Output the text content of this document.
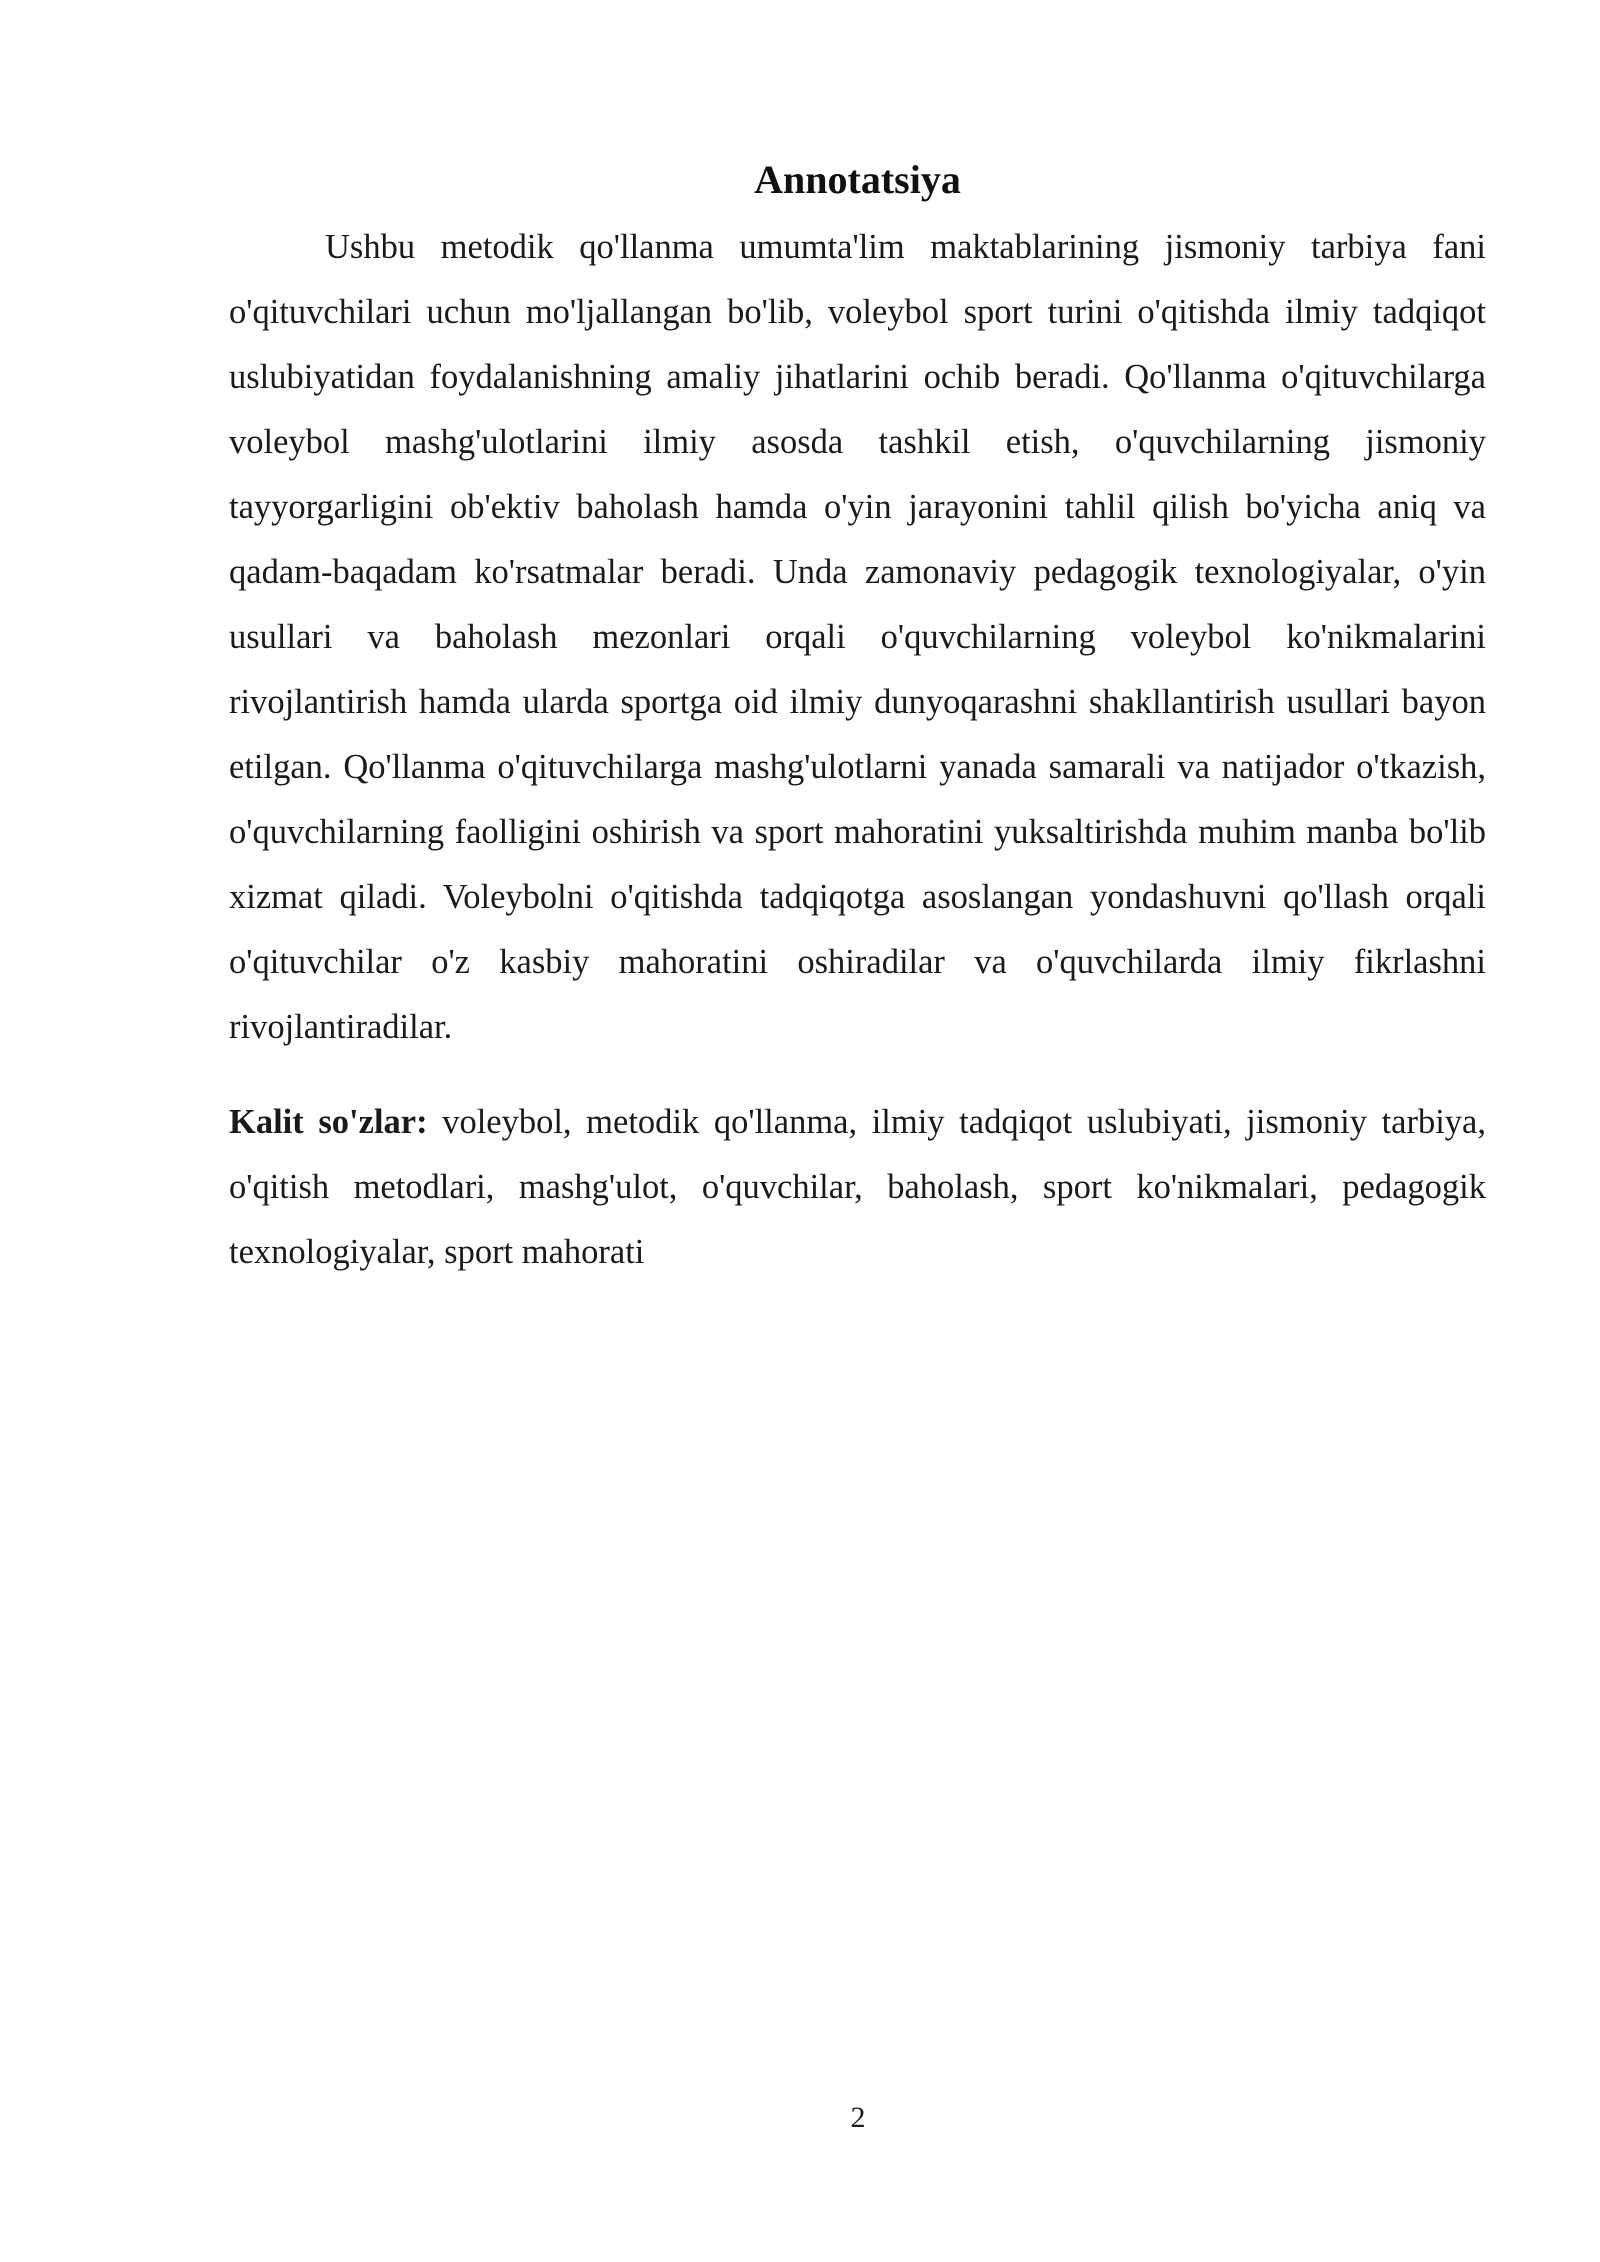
Annotatsiya

Ushbu metodik qo'llanma umumta'lim maktablarining jismoniy tarbiya fani o'qituvchilari uchun mo'ljallangan bo'lib, voleybol sport turini o'qitishda ilmiy tadqiqot uslubiyatidan foydalanishning amaliy jihatlarini ochib beradi. Qo'llanma o'qituvchilarga voleybol mashg'ulotlarini ilmiy asosda tashkil etish, o'quvchilarning jismoniy tayyorgarligini ob'ektiv baholash hamda o'yin jarayonini tahlil qilish bo'yicha aniq va qadam-baqadam ko'rsatmalar beradi. Unda zamonaviy pedagogik texnologiyalar, o'yin usullari va baholash mezonlari orqali o'quvchilarning voleybol ko'nikmalarini rivojlantirish hamda ularda sportga oid ilmiy dunyoqarashni shakllantirish usullari bayon etilgan. Qo'llanma o'qituvchilarga mashg'ulotlarni yanada samarali va natijador o'tkazish, o'quvchilarning faolligini oshirish va sport mahoratini yuksaltirishda muhim manba bo'lib xizmat qiladi. Voleybolni o'qitishda tadqiqotga asoslangan yondashuvni qo'llash orqali o'qituvchilar o'z kasbiy mahoratini oshiradilar va o'quvchilarda ilmiy fikrlashni rivojlantiradilar.

Kalit so'zlar: voleybol, metodik qo'llanma, ilmiy tadqiqot uslubiyati, jismoniy tarbiya, o'qitish metodlari, mashg'ulot, o'quvchilar, baholash, sport ko'nikmalari, pedagogik texnologiyalar, sport mahorati

2
